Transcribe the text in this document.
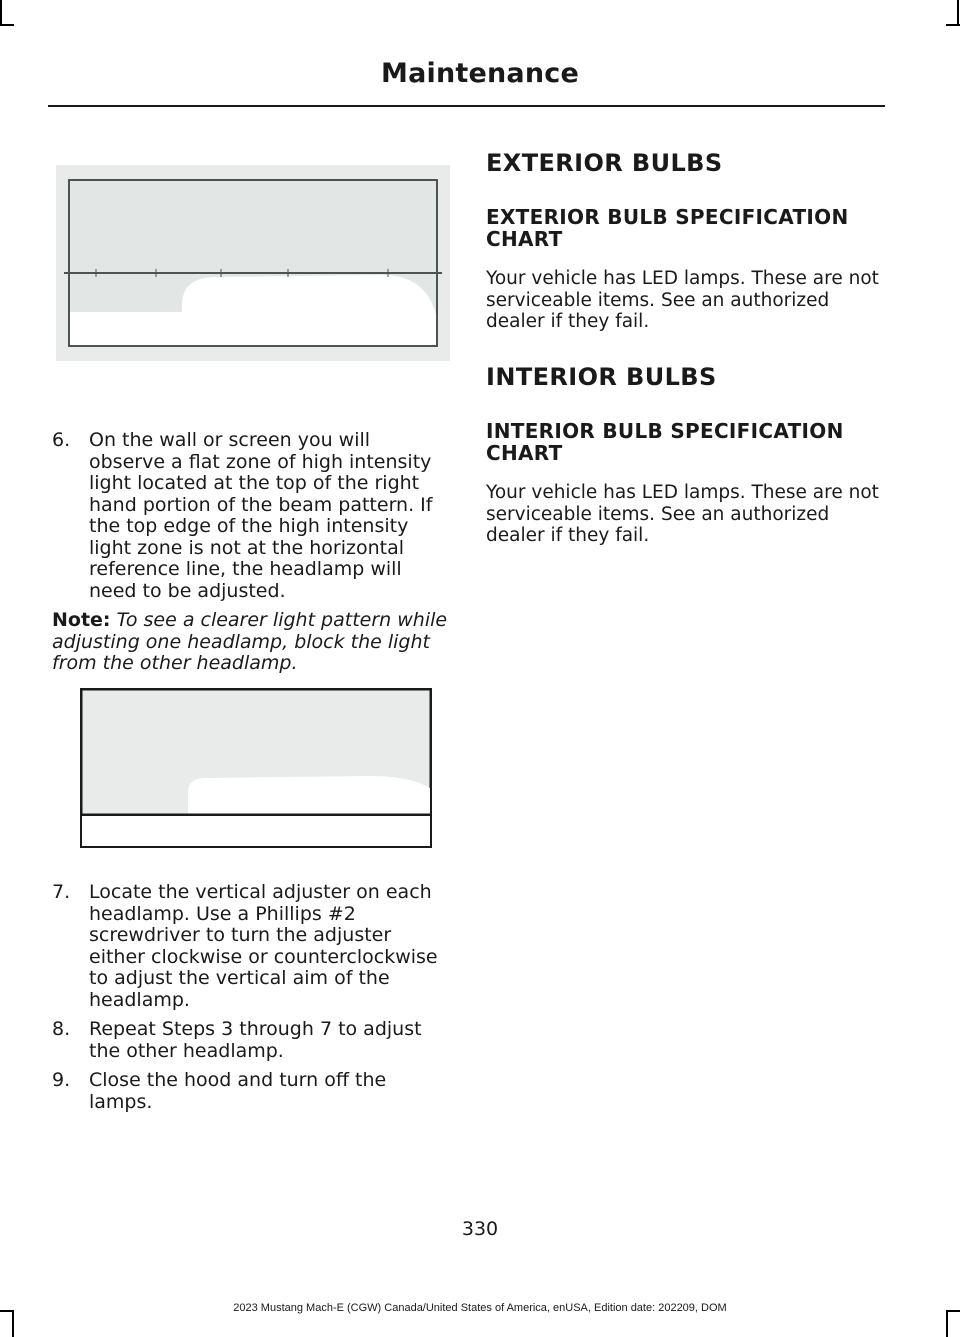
Maintenance
6. On the wall or screen you will observe a flat zone of high intensity light located at the top of the right hand portion of the beam pattern. If the top edge of the high intensity light zone is not at the horizontal reference line, the headlamp will need to be adjusted.
Note: To see a clearer light pattern while adjusting one headlamp, block the light from the other headlamp.
7. Locate the vertical adjuster on each headlamp. Use a Phillips #2 screwdriver to turn the adjuster either clockwise or counterclockwise to adjust the vertical aim of the headlamp.
8. Repeat Steps 3 through 7 to adjust the other headlamp.
9. Close the hood and turn off the lamps.
EXTERIOR BULBS
EXTERIOR BULB SPECIFICATION CHART

Your vehicle has LED lamps. These are not serviceable items. See an authorized dealer if they fail.

INTERIOR BULBS
INTERIOR BULB SPECIFICATION CHART

Your vehicle has LED lamps. These are not serviceable items. See an authorized dealer if they fail.

330
2023 Mustang Mach-E (CGW) Canada/United States of America, enUSA, Edition date: 202209, DOM
